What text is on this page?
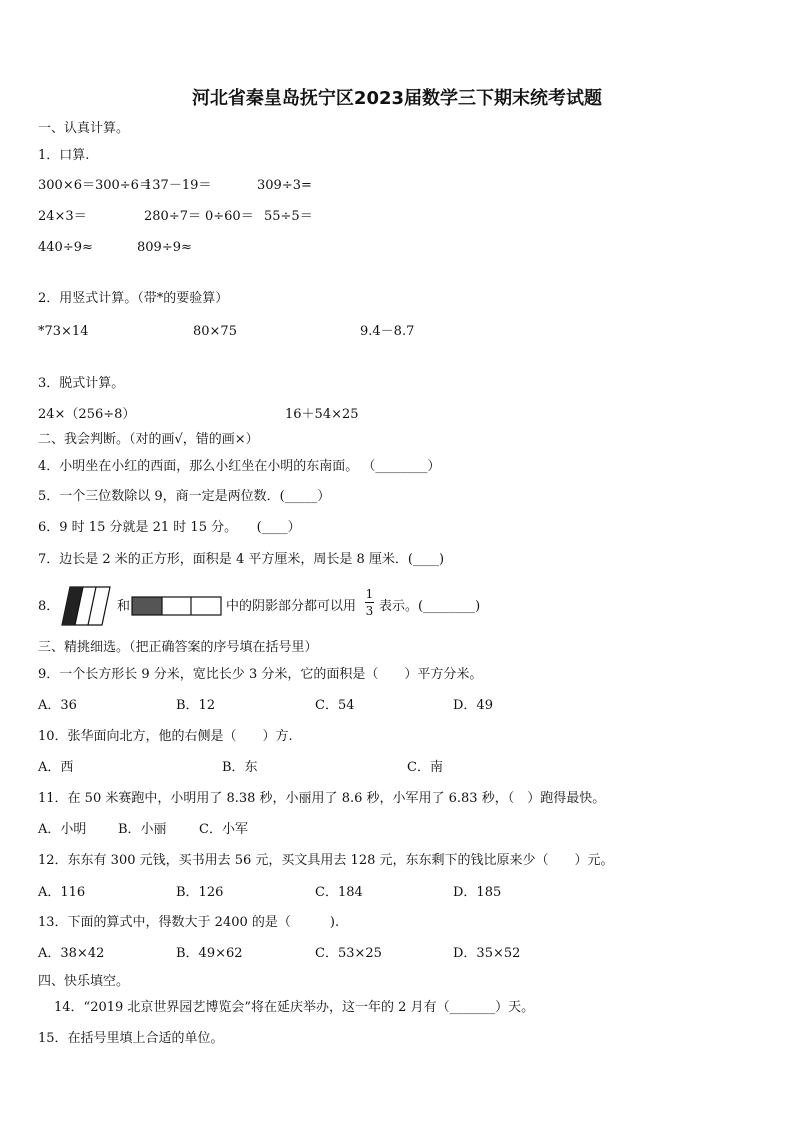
河北省秦皇岛抚宁区2023届数学三下期末统考试题
一、认真计算。
1．口算.
300×6＝300÷6＝
137－19＝	309÷3=
24×3＝	280÷7＝ 0÷60＝ 55÷5＝
440÷9≈	809÷9≈
2．用竖式计算。（带*的要验算）
*73×14	80×75	9.4－8.7
3．脱式计算。
24×（256÷8）	16＋54×25
二、我会判断。（对的画√，错的画×）
4．小明坐在小红的西面，那么小红坐在小明的东南面。 （________）
5．一个三位数除以 9，商一定是两位数．(_____）
6．9 时 15 分就是 21 时 15 分。　　(____）
7．边长是 2 米的正方形，面积是 4 平方厘米，周长是 8 厘米．(____)
8．	和	中的阴影部分都可以用
1
3 表示。(________)
三、精挑细选。（把正确答案的序号填在括号里）
9．一个长方形长 9 分米，宽比长少 3 分米，它的面积是（　　）平方分米。
A．36	B．12	C．54	D．49
10．张华面向北方，他的右侧是（　　）方.
A．西	B．东	C．南
11．在 50 米赛跑中，小明用了 8.38 秒，小丽用了 8.6 秒，小军用了 6.83 秒，（　）跑得最快。
A．小明 B．小丽 C．小军
12．东东有 300 元钱，买书用去 56 元，买文具用去 128 元，东东剩下的钱比原来少（　　）元。
A．116	B．126	C．184	D．185
13．下面的算式中，得数大于 2400 的是（　　　).
A．38×42	B．49×62	C．53×25	D．35×52
四、快乐填空。
14．“2019 北京世界园艺博览会”将在延庆举办，这一年的 2 月有（_______）天。
15．在括号里填上合适的单位。
